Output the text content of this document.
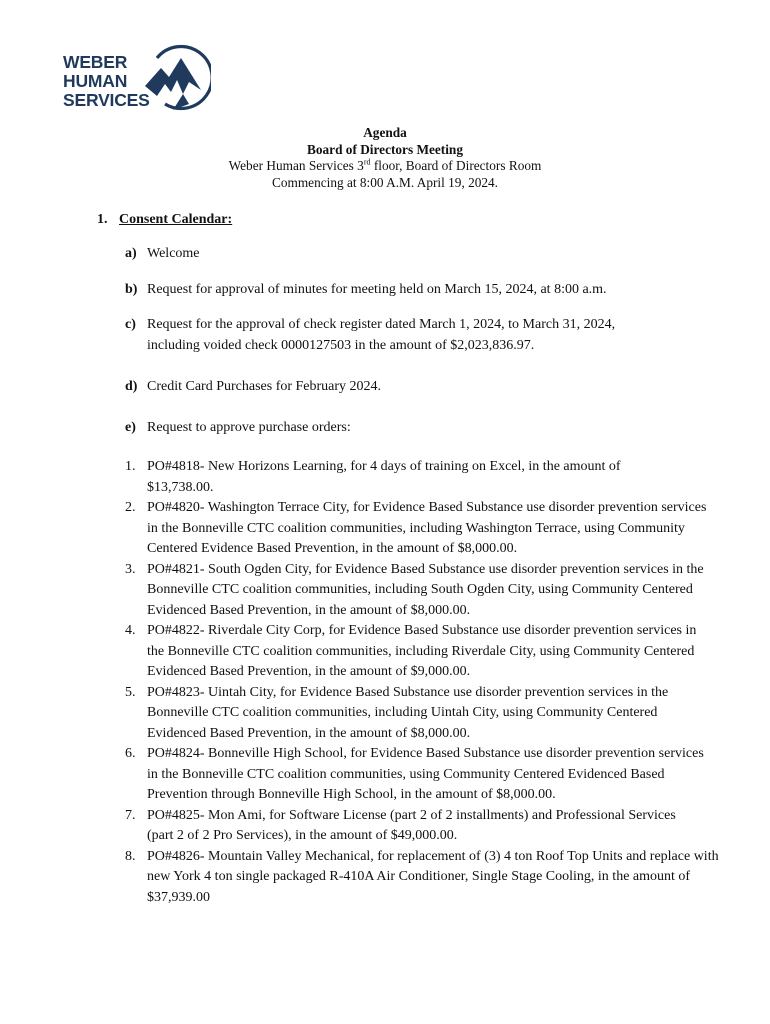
WEBER
HUMAN
SERVICES
Agenda
Board of Directors Meeting
Weber Human Services 3rd floor, Board of Directors Room
Commencing at 8:00 A.M. April 19, 2024.
1. Consent Calendar:
a) Welcome
b) Request for approval of minutes for meeting held on March 15, 2024, at 8:00 a.m.
c) Request for the approval of check register dated March 1, 2024, to March 31, 2024, including voided check 0000127503 in the amount of $2,023,836.97.
d) Credit Card Purchases for February 2024.
e) Request to approve purchase orders:
1. PO#4818- New Horizons Learning, for 4 days of training on Excel, in the amount of $13,738.00.
2. PO#4820- Washington Terrace City, for Evidence Based Substance use disorder prevention services in the Bonneville CTC coalition communities, including Washington Terrace, using Community Centered Evidence Based Prevention, in the amount of $8,000.00.
3. PO#4821- South Ogden City, for Evidence Based Substance use disorder prevention services in the Bonneville CTC coalition communities, including South Ogden City, using Community Centered Evidenced Based Prevention, in the amount of $8,000.00.
4. PO#4822- Riverdale City Corp, for Evidence Based Substance use disorder prevention services in the Bonneville CTC coalition communities, including Riverdale City, using Community Centered Evidenced Based Prevention, in the amount of $9,000.00.
5. PO#4823- Uintah City, for Evidence Based Substance use disorder prevention services in the Bonneville CTC coalition communities, including Uintah City, using Community Centered Evidenced Based Prevention, in the amount of $8,000.00.
6. PO#4824- Bonneville High School, for Evidence Based Substance use disorder prevention services in the Bonneville CTC coalition communities, using Community Centered Evidenced Based Prevention through Bonneville High School, in the amount of $8,000.00.
7. PO#4825- Mon Ami, for Software License (part 2 of 2 installments) and Professional Services (part 2 of 2 Pro Services), in the amount of $49,000.00.
8. PO#4826- Mountain Valley Mechanical, for replacement of (3) 4 ton Roof Top Units and replace with new York 4 ton single packaged R-410A Air Conditioner, Single Stage Cooling, in the amount of $37,939.00
